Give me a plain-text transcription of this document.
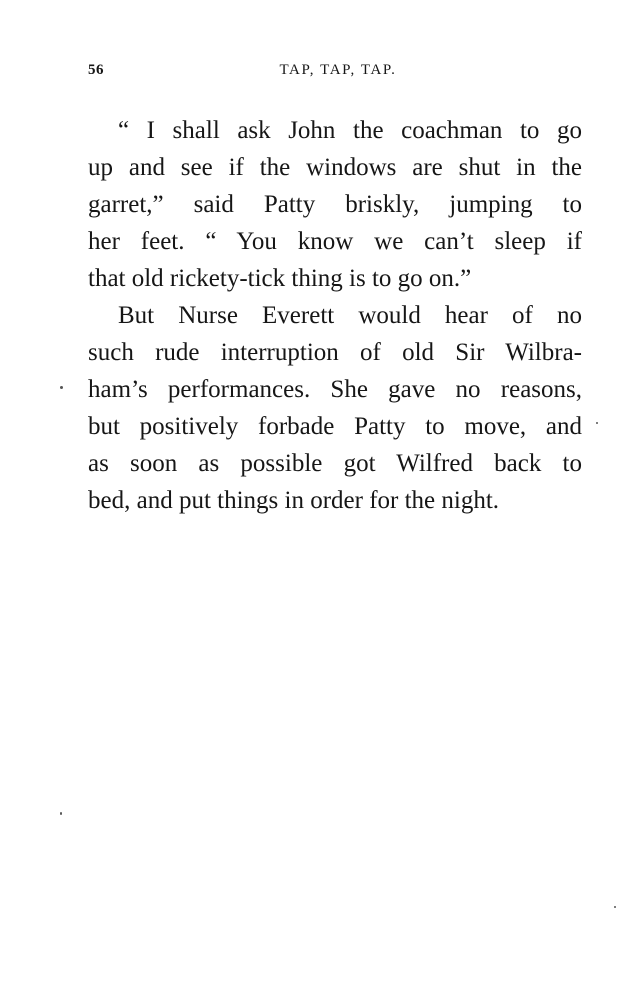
56	TAP, TAP, TAP.
“ I shall ask John the coachman to go
up and see if the windows are shut in the
garret,” said Patty briskly, jumping to
her feet. “ You know we can’t sleep if
that old rickety-tick thing is to go on.”
But Nurse Everett would hear of no
such rude interruption of old Sir Wilbra-
ham’s performances. She gave no reasons,
but positively forbade Patty to move, and
as soon as possible got Wilfred back to
bed, and put things in order for the night.
